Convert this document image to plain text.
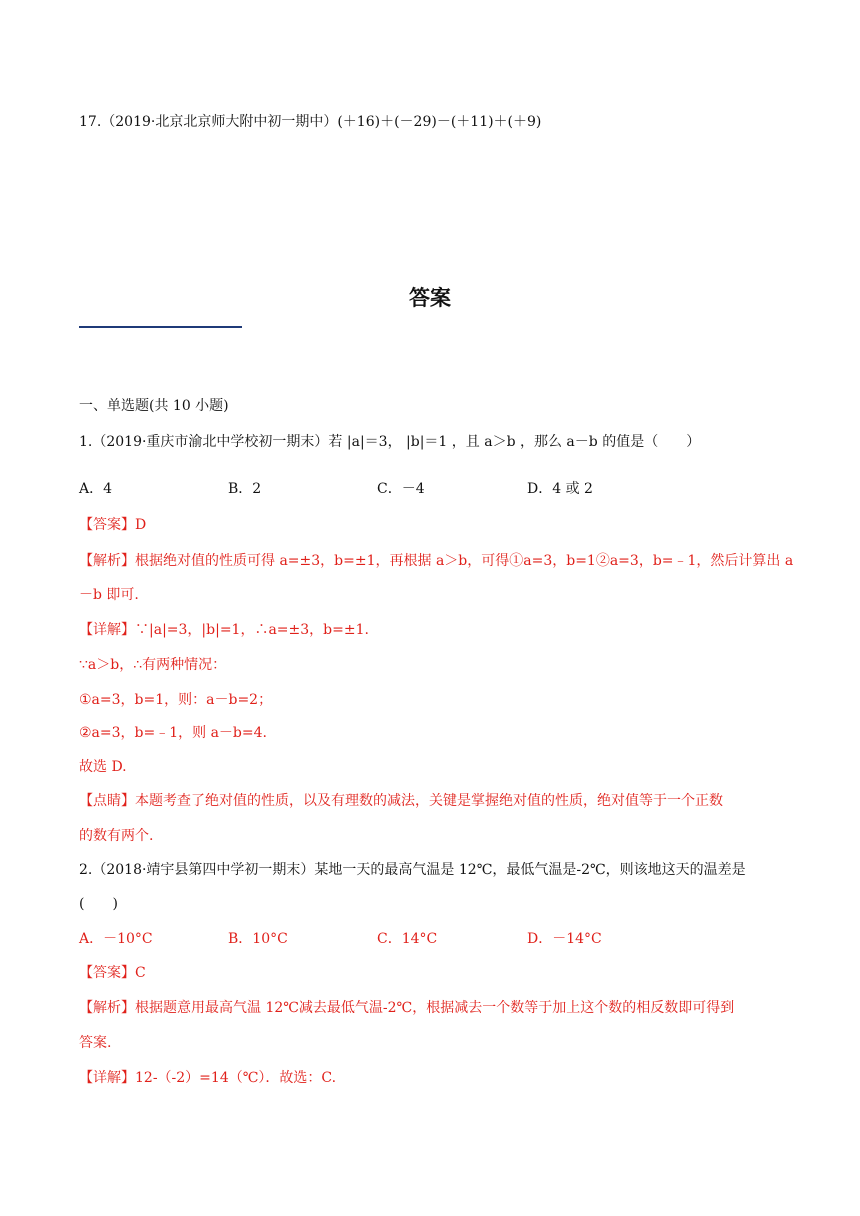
17.（2019·北京北京师大附中初一期中）(＋16)＋(－29)－(＋11)＋(＋9)
答案
一、单选题(共 10 小题)
1.（2019·重庆市渝北中学校初一期末）若 |a|＝3， |b|＝1 ，且 a＞b ，那么 a－b 的值是（　　）
A．4	B．2	C．－4	D．4 或 2
【答案】D
【解析】根据绝对值的性质可得 a=±3，b=±1，再根据 a＞b，可得①a=3，b=1②a=3，b=﹣1，然后计算出 a
－b 即可.
【详解】∵|a|=3，|b|=1，∴a=±3，b=±1.
∵a＞b，∴有两种情况：
①a=3，b=1，则：a－b=2；
②a=3，b=﹣1，则 a－b=4.
故选 D.
【点睛】本题考查了绝对值的性质，以及有理数的减法，关键是掌握绝对值的性质，绝对值等于一个正数
的数有两个.
2.（2018·靖宇县第四中学初一期末）某地一天的最高气温是 12℃，最低气温是-2℃，则该地这天的温差是
(　　)
A．－10°C	B．10°C	C．14°C	D．－14°C
【答案】C
【解析】根据题意用最高气温 12℃减去最低气温-2℃，根据减去一个数等于加上这个数的相反数即可得到
答案.
【详解】12-（-2）=14（℃）．故选：C.
